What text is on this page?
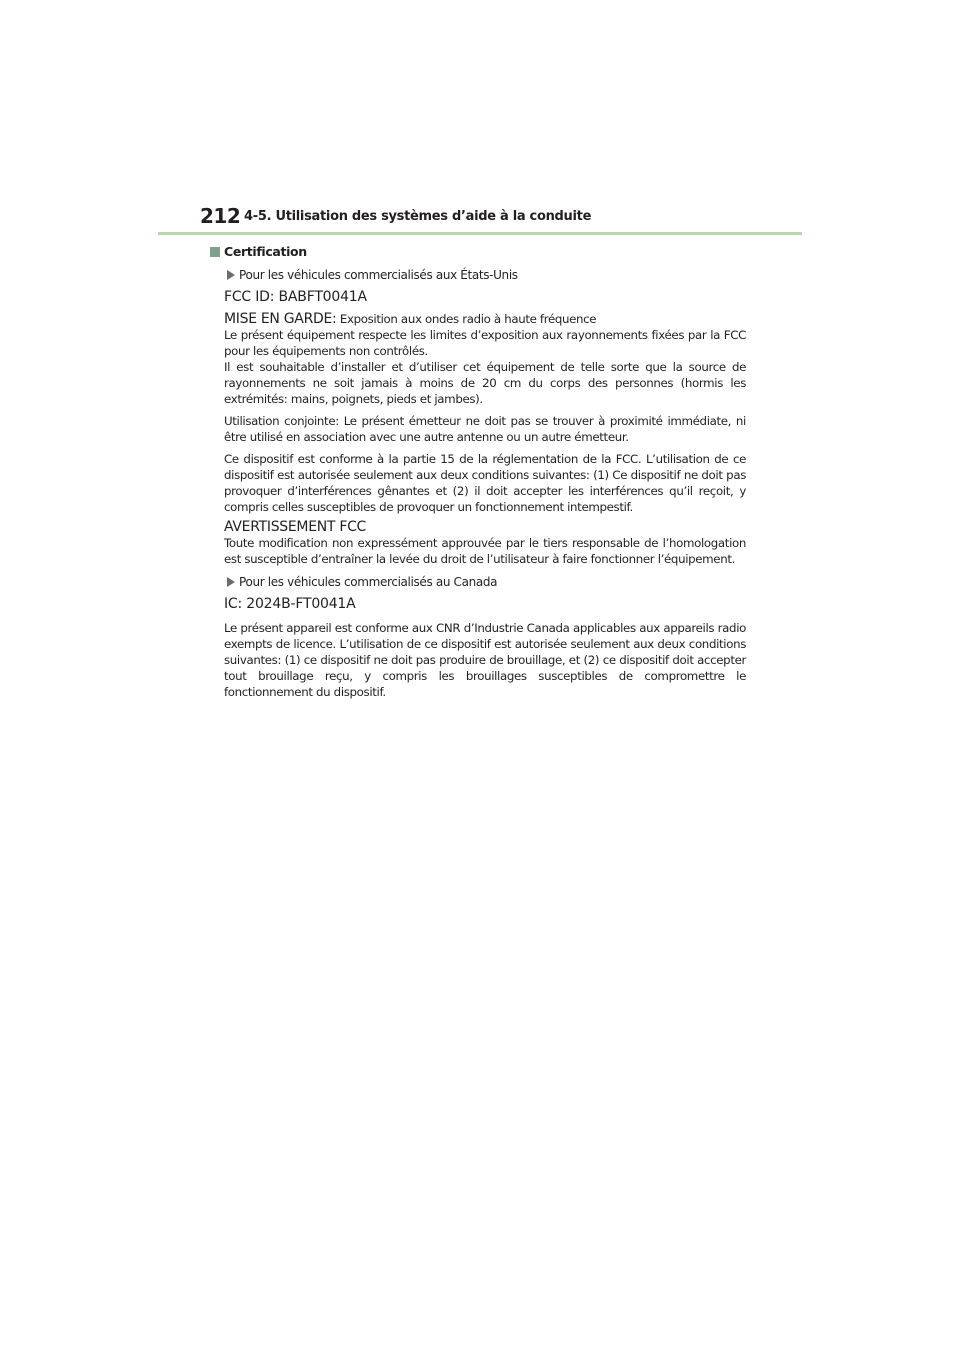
212 4-5. Utilisation des systèmes d’aide à la conduite
Certification
Pour les véhicules commercialisés aux États-Unis
FCC ID: BABFT0041A
MISE EN GARDE: Exposition aux ondes radio à haute fréquence

Le présent équipement respecte les limites d’exposition aux rayonnements fixées par la FCC pour les équipements non contrôlés.

Il est souhaitable d’installer et d’utiliser cet équipement de telle sorte que la source de rayonnements ne soit jamais à moins de 20 cm du corps des personnes (hormis les extrémités: mains, poignets, pieds et jambes).

Utilisation conjointe: Le présent émetteur ne doit pas se trouver à proximité immédiate, ni être utilisé en association avec une autre antenne ou un autre émetteur.

Ce dispositif est conforme à la partie 15 de la réglementation de la FCC. L’utilisation de ce dispositif est autorisée seulement aux deux conditions suivantes: (1) Ce dispositif ne doit pas provoquer d’interférences gênantes et (2) il doit accepter les interférences qu’il reçoit, y compris celles susceptibles de provoquer un fonctionnement intempestif.

AVERTISSEMENT FCC

Toute modification non expressément approuvée par le tiers responsable de l’homologation est susceptible d’entraîner la levée du droit de l’utilisateur à faire fonctionner l’équipement.

Pour les véhicules commercialisés au Canada
IC: 2024B-FT0041A

Le présent appareil est conforme aux CNR d’Industrie Canada applicables aux appareils radio exempts de licence. L’utilisation de ce dispositif est autorisée seulement aux deux conditions suivantes: (1) ce dispositif ne doit pas produire de brouillage, et (2) ce dispositif doit accepter tout brouillage reçu, y compris les brouillages susceptibles de compromettre le fonctionnement du dispositif.
